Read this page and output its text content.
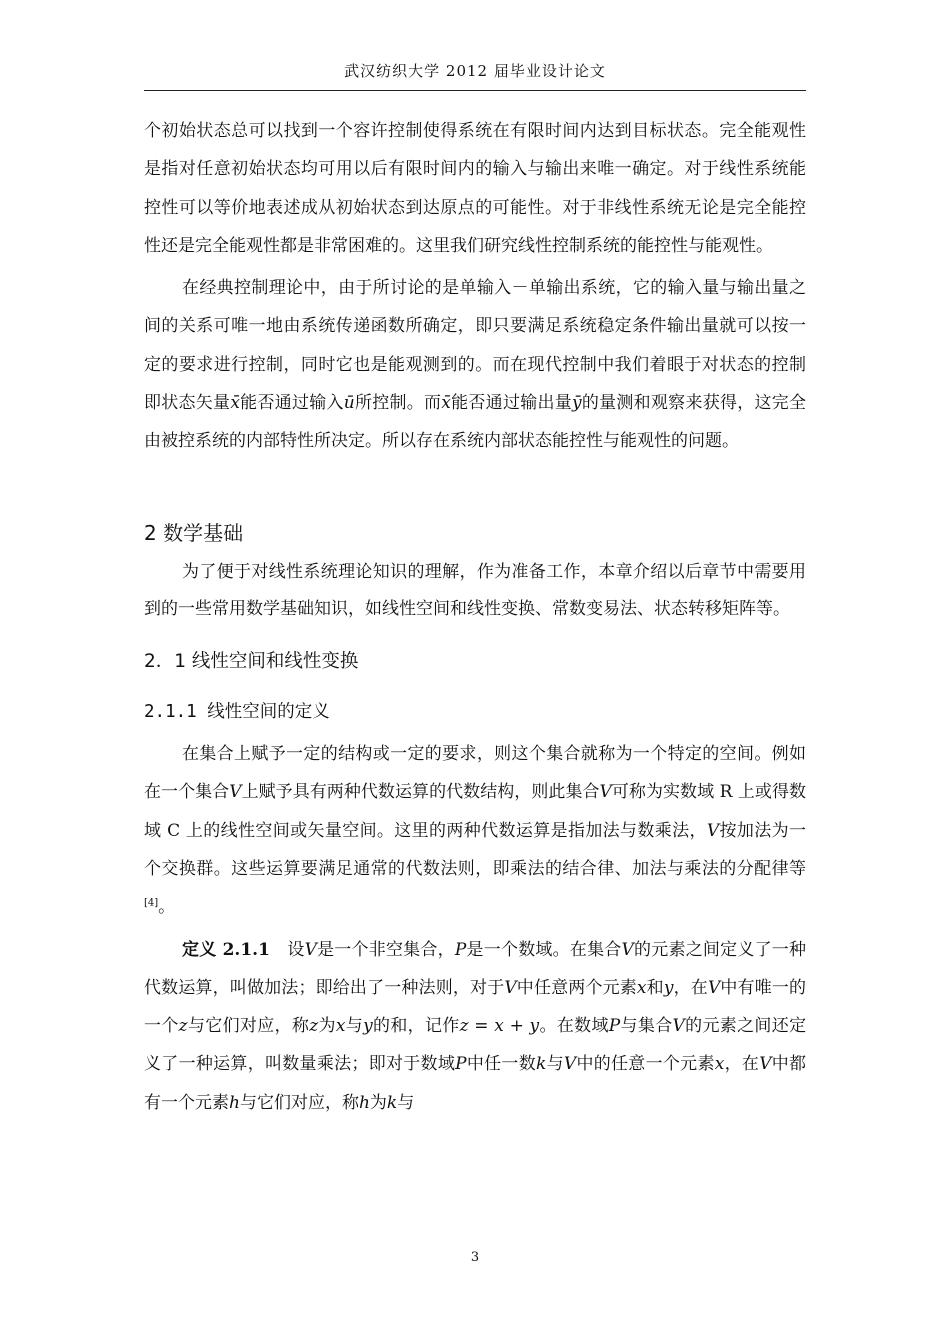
武汉纺织大学 2012 届毕业设计论文

个初始状态总可以找到一个容许控制使得系统在有限时间内达到目标状态。完全能观性是指对任意初始状态均可用以后有限时间内的输入与输出来唯一确定。对于线性系统能控性可以等价地表述成从初始状态到达原点的可能性。对于非线性系统无论是完全能控性还是完全能观性都是非常困难的。这里我们研究线性控制系统的能控性与能观性。

在经典控制理论中，由于所讨论的是单输入－单输出系统，它的输入量与输出量之间的关系可唯一地由系统传递函数所确定，即只要满足系统稳定条件输出量就可以按一定的要求进行控制，同时它也是能观测到的。而在现代控制中我们着眼于对状态的控制即状态矢量x̄能否通过输入ū所控制。而x̄能否通过输出量ȳ的量测和观察来获得，这完全由被控系统的内部特性所决定。所以存在系统内部状态能控性与能观性的问题。

2 数学基础

为了便于对线性系统理论知识的理解，作为准备工作，本章介绍以后章节中需要用到的一些常用数学基础知识，如线性空间和线性变换、常数变易法、状态转移矩阵等。

2．1 线性空间和线性变换
2.1.1 线性空间的定义

在集合上赋予一定的结构或一定的要求，则这个集合就称为一个特定的空间。例如在一个集合V上赋予具有两种代数运算的代数结构，则此集合V可称为实数域 R 上或得数域 C 上的线性空间或矢量空间。这里的两种代数运算是指加法与数乘法，V按加法为一个交换群。这些运算要满足通常的代数法则，即乘法的结合律、加法与乘法的分配律等[4]。

定义 2.1.1　设V是一个非空集合，P是一个数域。在集合V的元素之间定义了一种代数运算，叫做加法；即给出了一种法则，对于V中任意两个元素x和y，在V中有唯一的一个z与它们对应，称z为x与y的和，记作z = x + y。在数域P与集合V的元素之间还定义了一种运算，叫数量乘法；即对于数域P中任一数k与V中的任意一个元素x，在V中都有一个元素h与它们对应，称h为k与

3
